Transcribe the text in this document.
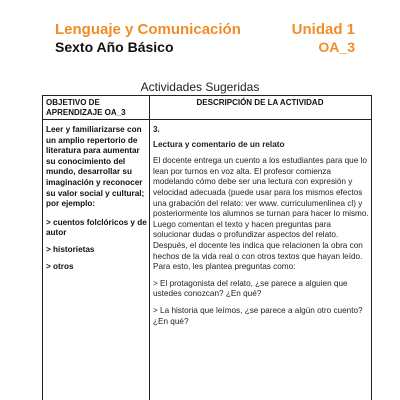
Lenguaje y Comunicación
Sexto Año Básico
Unidad 1
OA_3
Actividades Sugeridas
OBJETIVO DE APRENDIZAJE OA_3
DESCRIPCIÓN DE LA ACTIVIDAD

Leer y familiarizarse con un amplio repertorio de literatura para aumentar su conocimiento del mundo, desarrollar su imaginación y reconocer su valor social y cultural; por ejemplo:

> cuentos folclóricos y de autor

> historietas

> otros

3.

Lectura y comentario de un relato

El docente entrega un cuento a los estudiantes para que lo lean por turnos en voz alta. El profesor comienza modelando cómo debe ser una lectura con expresión y velocidad adecuada (puede usar para los mismos efectos una grabación del relato: ver www. curriculumenlinea cl) y posteriormente los alumnos se turnan para hacer lo mismo. Luego comentan el texto y hacen preguntas para solucionar dudas o profundizar aspectos del relato. Después, el docente les indica que relacionen la obra con hechos de la vida real o con otros textos que hayan leído. Para esto, les plantea preguntas como:

> El protagonista del relato, ¿se parece a alguien que ustedes conozcan? ¿En qué?

> La historia que leímos, ¿se parece a algún otro cuento? ¿En qué?
